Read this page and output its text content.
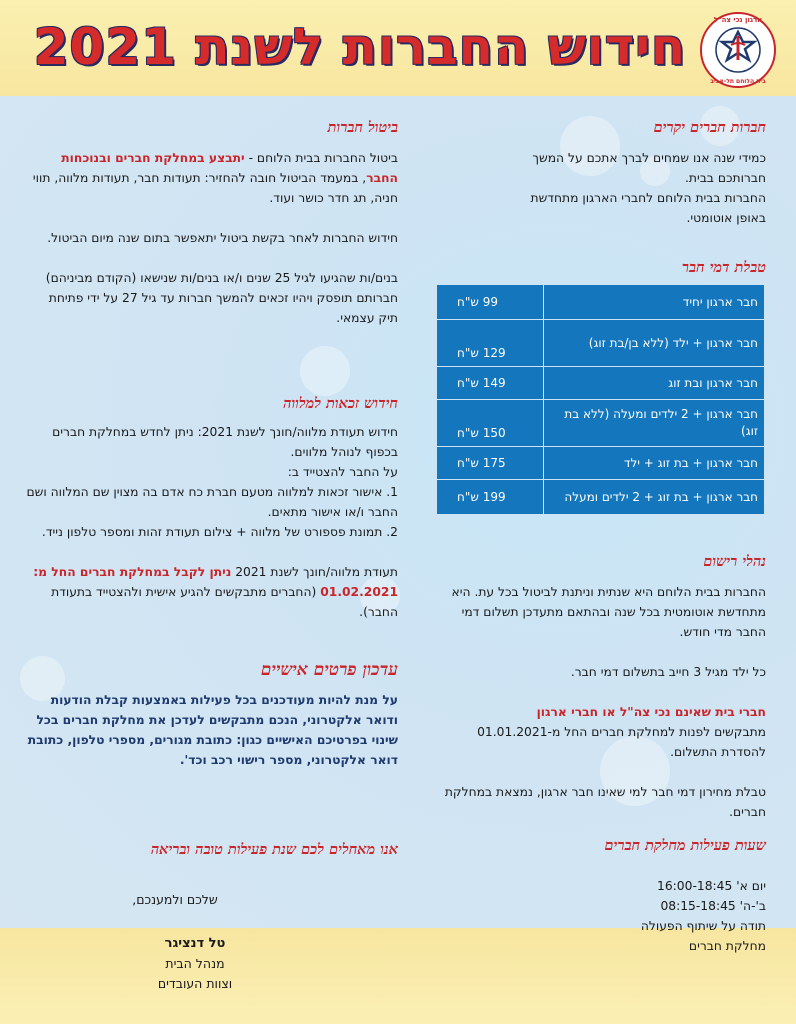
חידוש החברות לשנת 2021	ארגון נכי צה"ל
בית הלוחם תל-אביב

חברות חברים יקרים

כמידי שנה אנו שמחים לברך אתכם על המשך

חברותכם בבית.

החברות בבית הלוחם לחברי הארגון מתחדשת

באופן אוטומטי.

טבלת דמי חבר

חבר ארגון יחיד	99 ש"ח
חבר ארגון + ילד (ללא בן/בת זוג)	129 ש"ח
חבר ארגון ובת זוג	149 ש"ח
חבר ארגון + 2 ילדים ומעלה (ללא בת זוג)	150 ש"ח
חבר ארגון + בת זוג + ילד	175 ש"ח
חבר ארגון + בת זוג + 2 ילדים ומעלה	199 ש"ח

נהלי רישום

החברות בבית הלוחם היא שנתית וניתנת לביטול בכל עת. היא מתחדשת אוטומטית בכל שנה ובהתאם מתעדכן תשלום דמי החבר מדי חודש.

כל ילד מגיל 3 חייב בתשלום דמי חבר.

חברי בית שאינם נכי צה"ל או חברי ארגון

מתבקשים לפנות למחלקת חברים החל מ-01.01.2021 להסדרת התשלום.

טבלת מחירון דמי חבר למי שאינו חבר ארגון, נמצאת במחלקת חברים.

שעות פעילות מחלקת חברים

יום א' 16:00-18:45

ב'-ה' 08:15-18:45

תודה על שיתוף הפעולה

מחלקת חברים

ביטול חברות

ביטול החברות בבית הלוחם - יתבצע במחלקת חברים ובנוכחות החבר, במעמד הביטול חובה להחזיר: תעודות חבר, תעודות מלווה, תווי חניה, תג חדר כושר ועוד.

חידוש החברות לאחר בקשת ביטול יתאפשר בתום שנה מיום הביטול.

בנים/ות שהגיעו לגיל 25 שנים ו/או בנים/ות שנישאו (הקודם מביניהם) חברותם תופסק ויהיו זכאים להמשך חברות עד גיל 27 על ידי פתיחת תיק עצמאי.

חידוש זכאות למלווה

חידוש תעודת מלווה/חונך לשנת 2021: ניתן לחדש במחלקת חברים בכפוף לנוהל מלווים.

על החבר להצטייד ב:

1. אישור זכאות למלווה מטעם חברת כח אדם בה מצוין שם המלווה ושם החבר ו/או אישור מתאים.

2. תמונת פספורט של מלווה + צילום תעודת זהות ומספר טלפון נייד.

תעודת מלווה/חונך לשנת 2021 ניתן לקבל במחלקת חברים החל מ: 01.02.2021 (החברים מתבקשים להגיע אישית ולהצטייד בתעודת החבר).

עדכון פרטים אישיים

על מנת להיות מעודכנים בכל פעילות באמצעות קבלת הודעות ודואר אלקטרוני, הנכם מתבקשים לעדכן את מחלקת חברים בכל שינוי בפרטיכם האישיים כגון: כתובת מגורים, מספרי טלפון, כתובת דואר אלקטרוני, מספר רישוי רכב וכד'.

אנו מאחלים לכם שנת פעילות טובה ובריאה

שלכם ולמענכם,
טל דנציגר
מנהל הבית
וצוות העובדים
